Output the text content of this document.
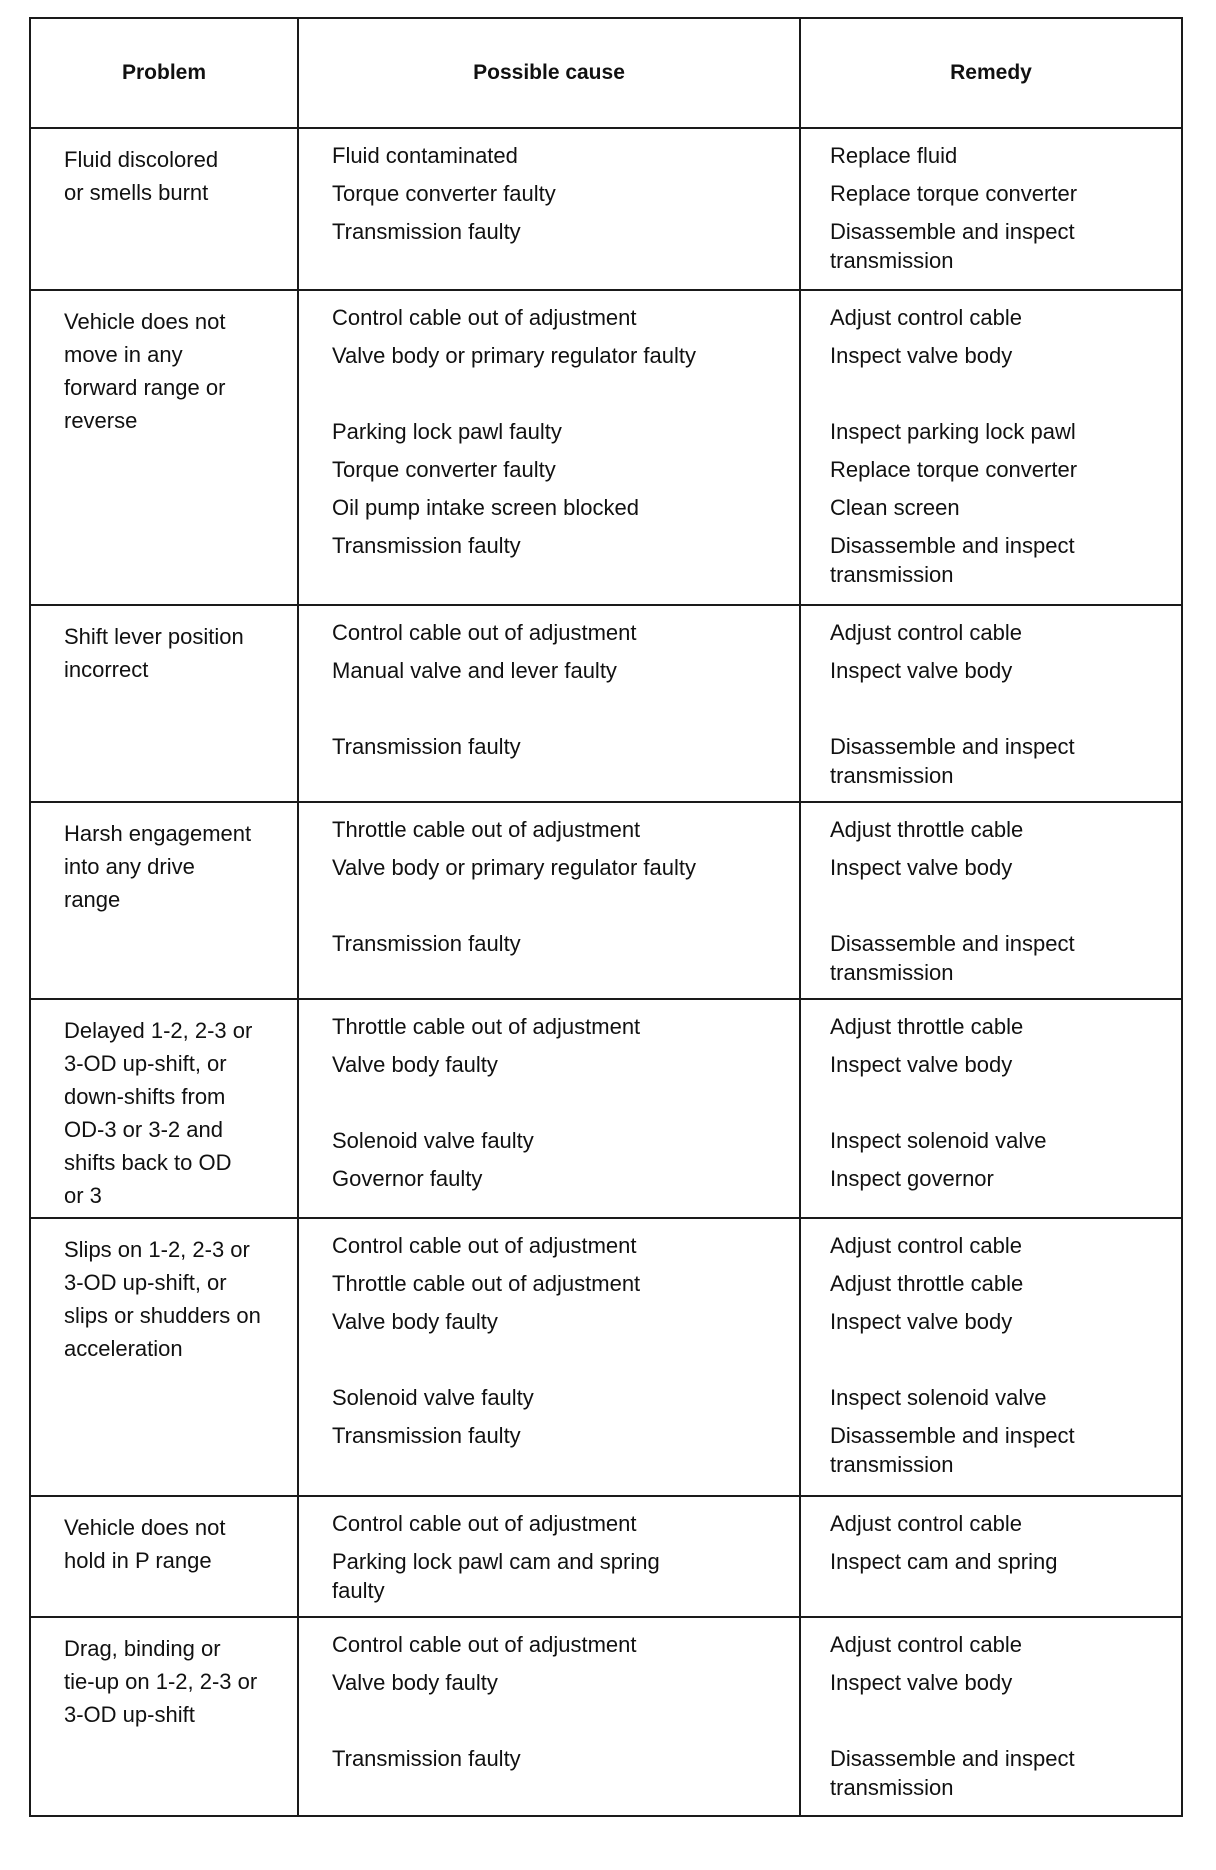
Problem	Possible cause	Remedy
Fluid discolored
or smells burnt
Fluid contaminated
Torque converter faulty
Transmission faulty
Replace fluid
Replace torque converter
Disassemble and inspect
transmission
Vehicle does not
move in any
forward range or
reverse
Control cable out of adjustment
Valve body or primary regulator faulty
Parking lock pawl faulty
Torque converter faulty
Oil pump intake screen blocked
Transmission faulty
Adjust control cable
Inspect valve body
Inspect parking lock pawl
Replace torque converter
Clean screen
Disassemble and inspect
transmission
Shift lever position
incorrect
Control cable out of adjustment
Manual valve and lever faulty
Transmission faulty
Adjust control cable
Inspect valve body
Disassemble and inspect
transmission
Harsh engagement
into any drive
range
Throttle cable out of adjustment
Valve body or primary regulator faulty
Transmission faulty
Adjust throttle cable
Inspect valve body
Disassemble and inspect
transmission
Delayed 1-2, 2-3 or
3-OD up-shift, or
down-shifts from
OD-3 or 3-2 and
shifts back to OD
or 3
Throttle cable out of adjustment
Valve body faulty
Solenoid valve faulty
Governor faulty
Adjust throttle cable
Inspect valve body
Inspect solenoid valve
Inspect governor
Slips on 1-2, 2-3 or
3-OD up-shift, or
slips or shudders on
acceleration
Control cable out of adjustment
Throttle cable out of adjustment
Valve body faulty
Solenoid valve faulty
Transmission faulty
Adjust control cable
Adjust throttle cable
Inspect valve body
Inspect solenoid valve
Disassemble and inspect
transmission
Vehicle does not
hold in P range
Control cable out of adjustment
Parking lock pawl cam and spring
faulty
Adjust control cable
Inspect cam and spring
Drag, binding or
tie-up on 1-2, 2-3 or
3-OD up-shift
Control cable out of adjustment
Valve body faulty
Transmission faulty
Adjust control cable
Inspect valve body
Disassemble and inspect
transmission
